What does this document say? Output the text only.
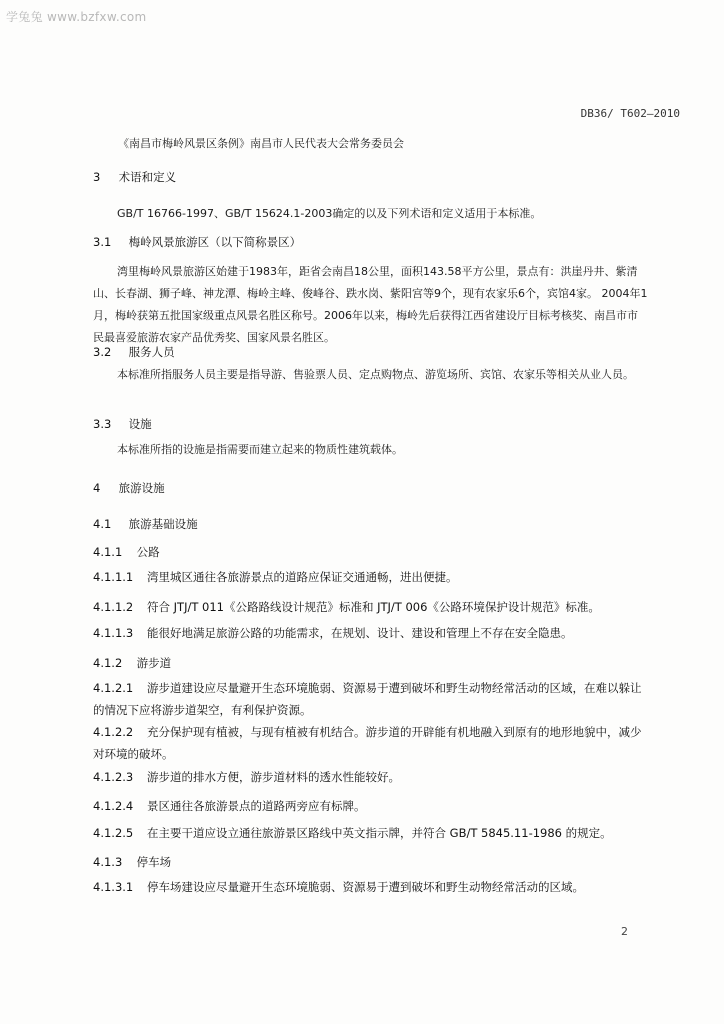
学兔兔 www.bzfxw.com
DB36/ T602—2010
《南昌市梅岭风景区条例》南昌市人民代表大会常务委员会
3 术语和定义
GB/T 16766-1997、GB/T 15624.1-2003确定的以及下列术语和定义适用于本标准。
3.1 梅岭风景旅游区（以下简称景区）
湾里梅岭风景旅游区始建于1983年，距省会南昌18公里，面积143.58平方公里，景点有：洪崖丹井、紫清山、长春湖、狮子峰、神龙潭、梅岭主峰、俊峰谷、跌水岗、紫阳宫等9个，现有农家乐6个，宾馆4家。 2004年1月，梅岭获第五批国家级重点风景名胜区称号。2006年以来，梅岭先后获得江西省建设厅目标考核奖、南昌市市民最喜爱旅游农家产品优秀奖、国家风景名胜区。
3.2 服务人员
本标准所指服务人员主要是指导游、售验票人员、定点购物点、游览场所、宾馆、农家乐等相关从业人员。
3.3 设施
本标准所指的设施是指需要而建立起来的物质性建筑载体。
4 旅游设施
4.1 旅游基础设施
4.1.1 公路
4.1.1.1 湾里城区通往各旅游景点的道路应保证交通通畅，进出便捷。
4.1.1.2 符合 JTJ/T 011《公路路线设计规范》标准和 JTJ/T 006《公路环境保护设计规范》标准。
4.1.1.3 能很好地满足旅游公路的功能需求，在规划、设计、建设和管理上不存在安全隐患。
4.1.2 游步道
4.1.2.1 游步道建设应尽量避开生态环境脆弱、资源易于遭到破坏和野生动物经常活动的区域，在难以躲让的情况下应将游步道架空，有利保护资源。
4.1.2.2 充分保护现有植被，与现有植被有机结合。游步道的开辟能有机地融入到原有的地形地貌中，减少对环境的破坏。
4.1.2.3 游步道的排水方便，游步道材料的透水性能较好。
4.1.2.4 景区通往各旅游景点的道路两旁应有标牌。
4.1.2.5 在主要干道应设立通往旅游景区路线中英文指示牌，并符合 GB/T 5845.11-1986 的规定。
4.1.3 停车场
4.1.3.1 停车场建设应尽量避开生态环境脆弱、资源易于遭到破坏和野生动物经常活动的区域。
2
